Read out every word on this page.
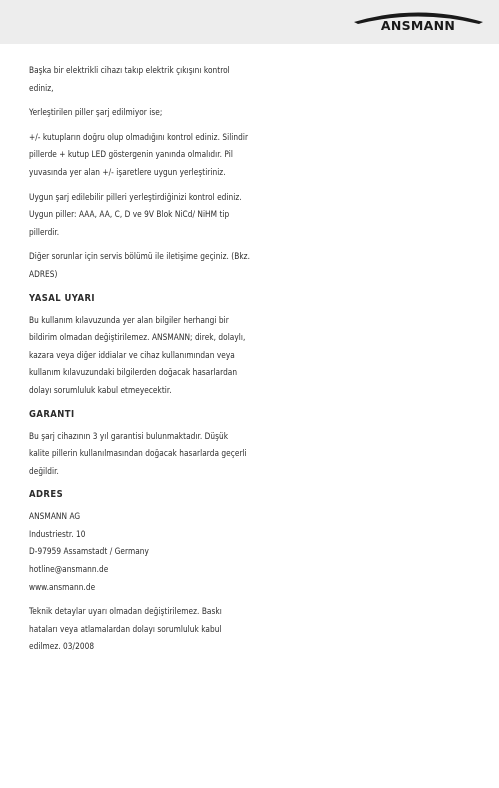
ANSMANN

Başka bir elektrikli cihazı takıp elektrik çıkışını kontrol ediniz,

Yerleştirilen piller şarj edilmiyor ise;

+/- kutupların doğru olup olmadığını kontrol ediniz. Silindir pillerde + kutup LED göstergenin yanında olmalıdır. Pil yuvasında yer alan +/- işaretlere uygun yerleştiriniz.

Uygun şarj edilebilir pilleri yerleştirdiğinizi kontrol ediniz. Uygun piller: AAA, AA, C, D ve 9V Blok NiCd/ NiHM tip pillerdir.

Diğer sorunlar için servis bölümü ile iletişime geçiniz. (Bkz. ADRES)

YASAL UYARI

Bu kullanım kılavuzunda yer alan bilgiler herhangi bir bildirim olmadan değiştirilemez. ANSMANN; direk, dolaylı, kazara veya diğer iddialar ve cihaz kullanımından veya kullanım kılavuzundaki bilgilerden doğacak hasarlardan dolayı sorumluluk kabul etmeyecektir.

GARANTİ

Bu şarj cihazının 3 yıl garantisi bulunmaktadır. Düşük kalite pillerin kullanılmasından doğacak hasarlarda geçerli değildir.

ADRES

ANSMANN AG
Industriestr. 10
D-97959 Assamstadt / Germany
hotline@ansmann.de
www.ansmann.de

Teknik detaylar uyarı olmadan değiştirilemez. Baskı hataları veya atlamalardan dolayı sorumluluk kabul edilmez. 03/2008
